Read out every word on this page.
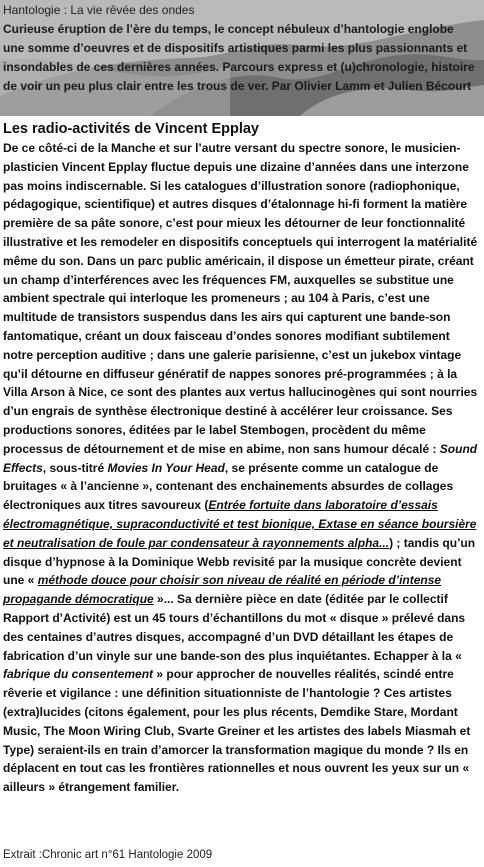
Hantologie : La vie rêvée des ondes
Curieuse éruption de l’ère du temps, le concept nébuleux d’hantologie englobe une somme d’oeuvres et de dispositifs artistiques parmi les plus passionnants et insondables de ces dernières années. Parcours express et (u)chronologie, histoire de voir un peu plus clair entre les trous de ver. Par Olivier Lamm et Julien Bécourt
Les radio-activités de Vincent Epplay
De ce côté-ci de la Manche et sur l’autre versant du spectre sonore, le musicien-plasticien Vincent Epplay fluctue depuis une dizaine d’années dans une interzone pas moins indiscernable. Si les catalogues d’illustration sonore (radiophonique, pédagogique, scientifique) et autres disques d’étalonnage hi-fi forment la matière première de sa pâte sonore, c’est pour mieux les détourner de leur fonctionnalité illustrative et les remodeler en dispositifs conceptuels qui interrogent la matérialité même du son. Dans un parc public américain, il dispose un émetteur pirate, créant un champ d’interférences avec les fréquences FM, auxquelles se substitue une ambient spectrale qui interloque les promeneurs ; au 104 à Paris, c’est une multitude de transistors suspendus dans les airs qui capturent une bande-son fantomatique, créant un doux faisceau d’ondes sonores modifiant subtilement notre perception auditive ; dans une galerie parisienne, c’est un jukebox vintage qu’il détourne en diffuseur génératif de nappes sonores pré-programmées ; à la Villa Arson à Nice, ce sont des plantes aux vertus hallucinogènes qui sont nourries d’un engrais de synthèse électronique destiné à accélérer leur croissance. Ses productions sonores, éditées par le label Stembogen, procèdent du même processus de détournement et de mise en abime, non sans humour décalé : Sound Effects, sous-titré Movies In Your Head, se présente comme un catalogue de bruitages « à l’ancienne », contenant des enchainements absurdes de collages électroniques aux titres savoureux (Entrée fortuite dans laboratoire d’essais électromagnétique, supraconductivité et test bionique, Extase en séance boursière et neutralisation de foule par condensateur à rayonnements alpha...) ; tandis qu’un disque d’hypnose à la Dominique Webb revisité par la musique concrète devient une « méthode douce pour choisir son niveau de réalité en période d’intense propagande démocratique »... Sa dernière pièce en date (éditée par le collectif Rapport d’Activité) est un 45 tours d’échantillons du mot « disque » prélevé dans des centaines d’autres disques, accompagné d’un DVD détaillant les étapes de fabrication d’un vinyle sur une bande-son des plus inquiétantes. Echapper à la « fabrique du consentement » pour approcher de nouvelles réalités, scindé entre rêverie et vigilance : une définition situationniste de l’hantologie ? Ces artistes (extra)lucides (citons également, pour les plus récents, Demdike Stare, Mordant Music, The Moon Wiring Club, Svarte Greiner et les artistes des labels Miasmah et Type) seraient-ils en train d’amorcer la transformation magique du monde ? Ils en déplacent en tout cas les frontières rationnelles et nous ouvrent les yeux sur un « ailleurs » étrangement familier.
Extrait :Chronic art n°61 Hantologie 2009
